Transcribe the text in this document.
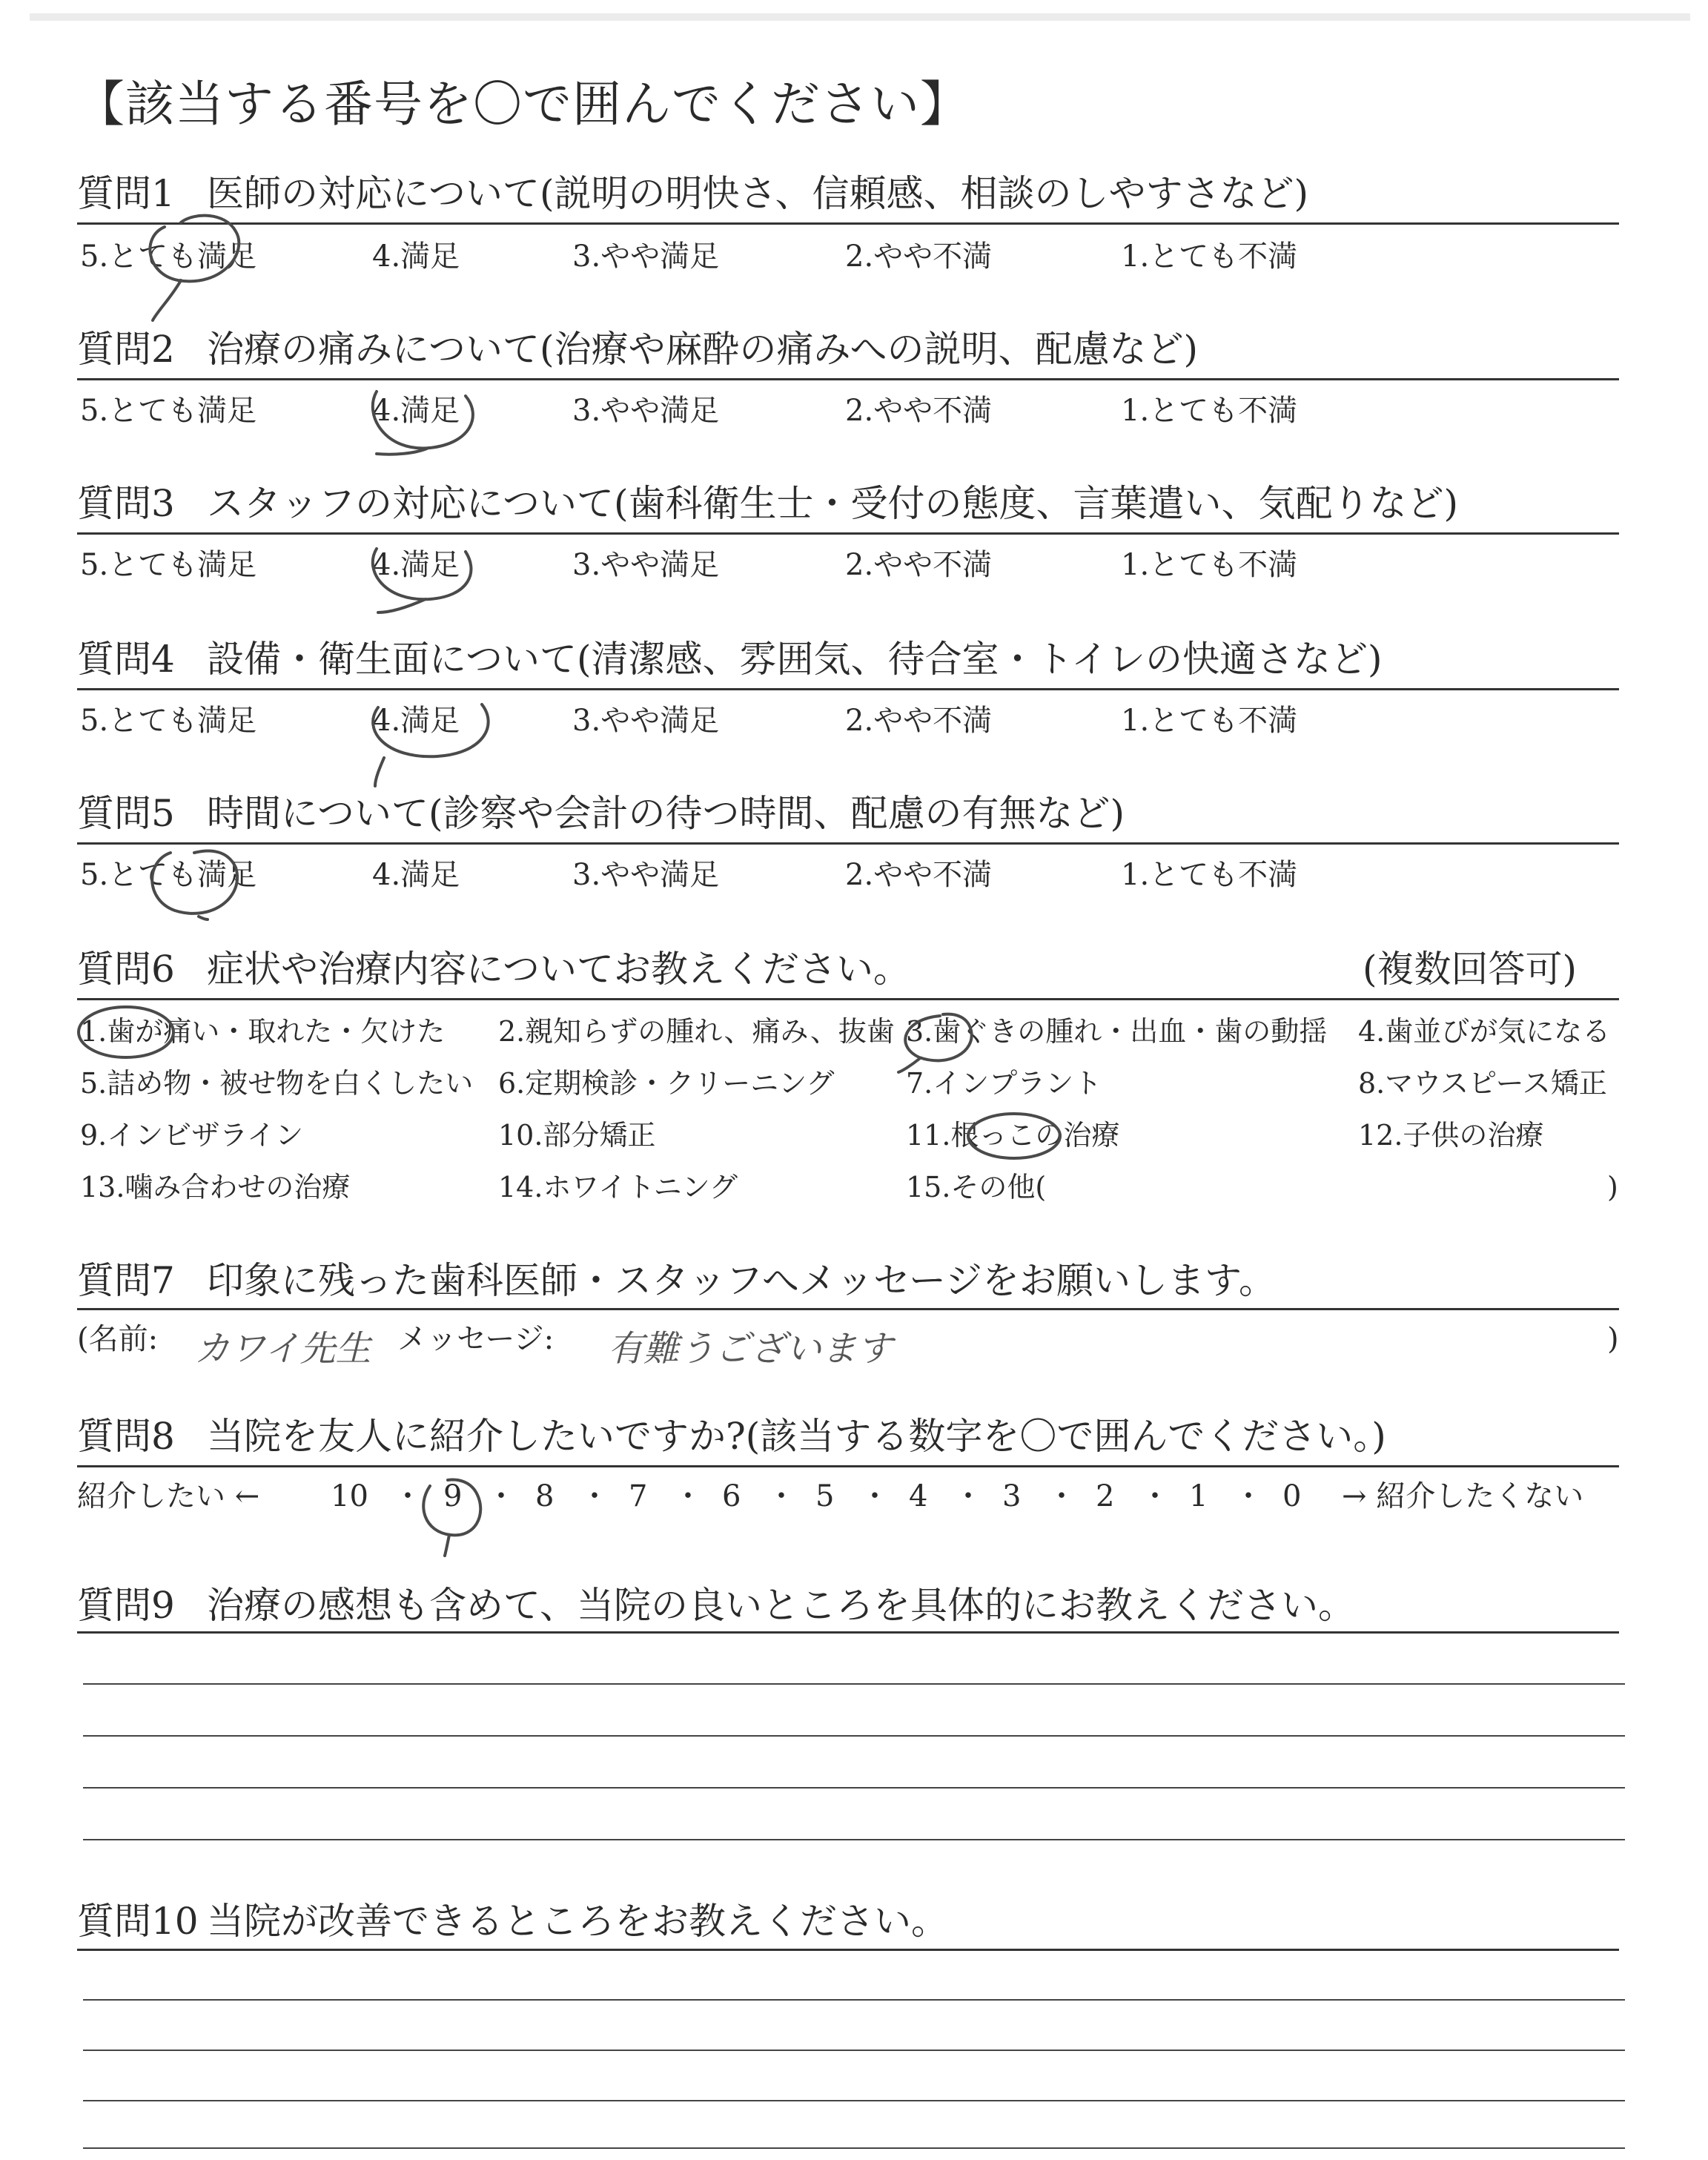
【該当する番号を〇で囲んでください】
質問1 医師の対応について(説明の明快さ、信頼感、相談のしやすさなど)
5.とても満足	4.満足	3.やや満足	2.やや不満	1.とても不満
質問2 治療の痛みについて(治療や麻酔の痛みへの説明、配慮など)
5.とても満足	4.満足	3.やや満足	2.やや不満	1.とても不満
質問3 スタッフの対応について(歯科衛生士・受付の態度、言葉遣い、気配りなど)
5.とても満足	4.満足	3.やや満足	2.やや不満	1.とても不満
質問4 設備・衛生面について(清潔感、雰囲気、待合室・トイレの快適さなど)
5.とても満足	4.満足	3.やや満足	2.やや不満	1.とても不満
質問5 時間について(診察や会計の待つ時間、配慮の有無など)
5.とても満足	4.満足	3.やや満足	2.やや不満	1.とても不満
質問6 症状や治療内容についてお教えください。	(複数回答可)
1.歯が痛い・取れた・欠けた 2.親知らずの腫れ、痛み、抜歯 3.歯ぐきの腫れ・出血・歯の動揺 4.歯並びが気になる
5.詰め物・被せ物を白くしたい 6.定期検診・クリーニング	7.インプラント	8.マウスピース矯正
9.インビザライン	10.部分矯正	11.根っこの治療	12.子供の治療
13.噛み合わせの治療	14.ホワイトニング	15.その他(	)
質問7 印象に残った歯科医師・スタッフへメッセージをお願いします。
(名前: カワイ先生 メッセージ: 有難うございます	)
質問8 当院を友人に紹介したいですか?(該当する数字を〇で囲んでください。)
紹介したい ← 10 ・ 9 ・ 8 ・ 7 ・ 6 ・ 5 ・ 4 ・ 3 ・ 2 ・ 1 ・ 0 → 紹介したくない
質問9 治療の感想も含めて、当院の良いところを具体的にお教えください。
質問10 当院が改善できるところをお教えください。
